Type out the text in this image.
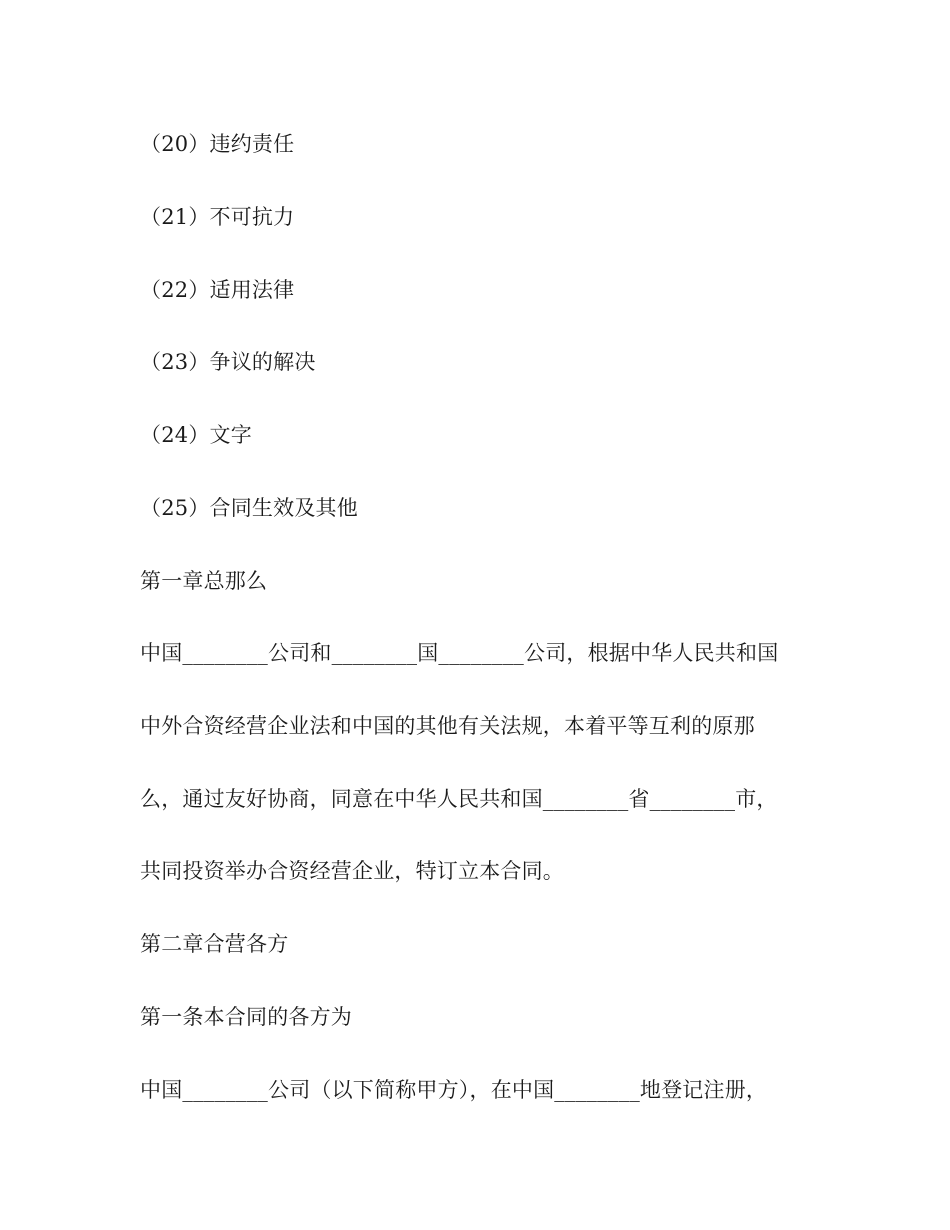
（20）违约责任
（21）不可抗力
（22）适用法律
（23）争议的解决
（24）文字
（25）合同生效及其他
第一章总那么
中国________公司和________国________公司，根据中华人民共和国
中外合资经营企业法和中国的其他有关法规，本着平等互利的原那
么，通过友好协商，同意在中华人民共和国________省________市，
共同投资举办合资经营企业，特订立本合同。
第二章合营各方
第一条本合同的各方为
中国________公司（以下简称甲方），在中国________地登记注册，
